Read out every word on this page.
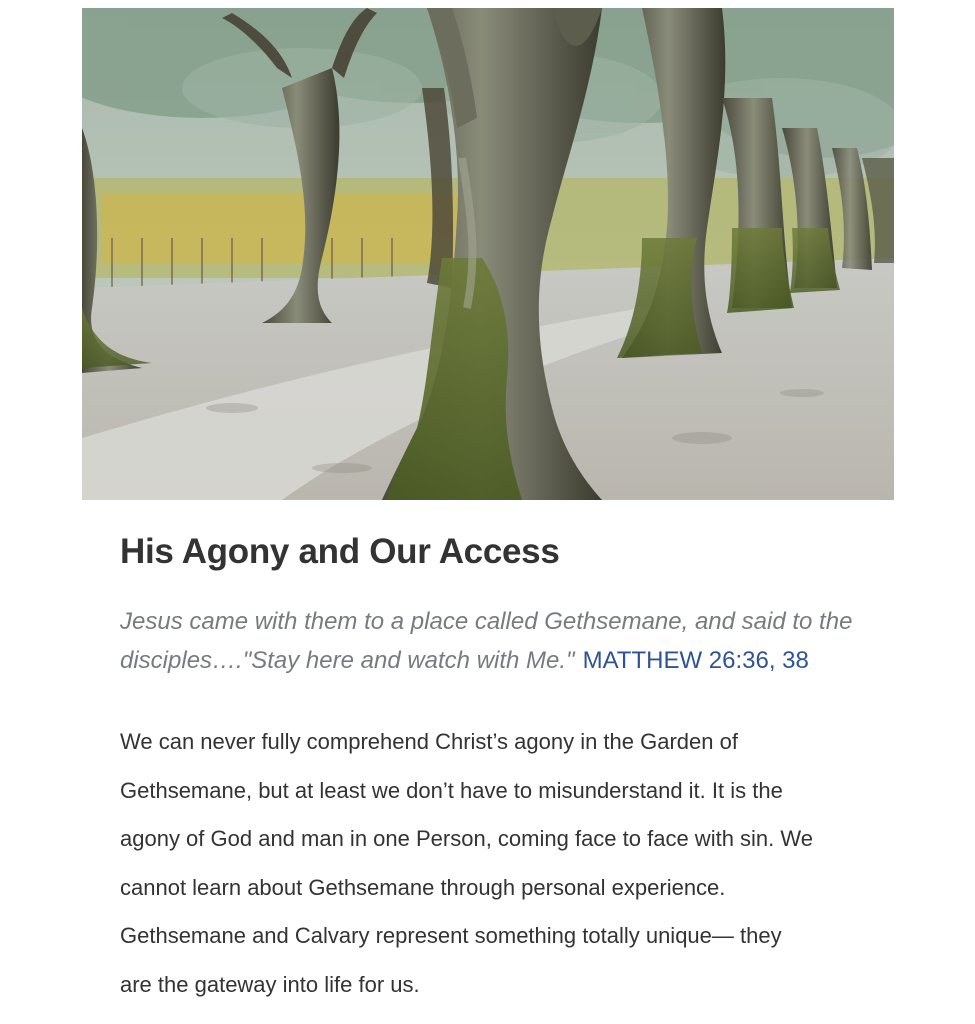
His Agony and Our Access

Jesus came with them to a place called Gethsemane, and said to the
disciples…."Stay here and watch with Me." MATTHEW 26:36, 38

We can never fully comprehend Christ’s agony in the Garden of
Gethsemane, but at least we don’t have to misunderstand it. It is the
agony of God and man in one Person, coming face to face with sin. We
cannot learn about Gethsemane through personal experience.
Gethsemane and Calvary represent something totally unique— they
are the gateway into life for us.
